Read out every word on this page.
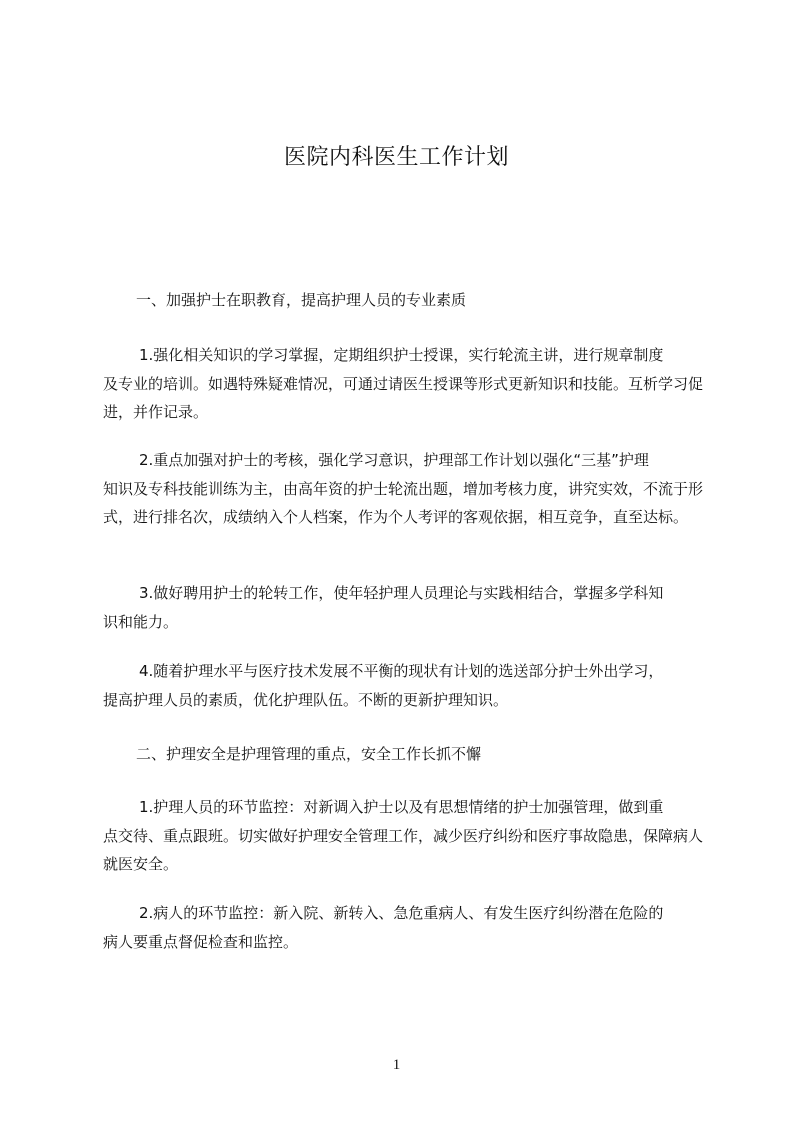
医院内科医生工作计划
一、加强护士在职教育，提高护理人员的专业素质
1.强化相关知识的学习掌握，定期组织护士授课，实行轮流主讲，进行规章制度
及专业的培训。如遇特殊疑难情况，可通过请医生授课等形式更新知识和技能。互析学习促进，并作记录。
2.重点加强对护士的考核，强化学习意识，护理部工作计划以强化“三基”护理
知识及专科技能训练为主，由高年资的护士轮流出题，增加考核力度，讲究实效，不流于形式，进行排名次，成绩纳入个人档案，作为个人考评的客观依据，相互竞争，直至达标。
3.做好聘用护士的轮转工作，使年轻护理人员理论与实践相结合，掌握多学科知
识和能力。
4.随着护理水平与医疗技术发展不平衡的现状有计划的选送部分护士外出学习，
提高护理人员的素质，优化护理队伍。不断的更新护理知识。
二、护理安全是护理管理的重点，安全工作长抓不懈
1.护理人员的环节监控：对新调入护士以及有思想情绪的护士加强管理，做到重
点交待、重点跟班。切实做好护理安全管理工作，减少医疗纠纷和医疗事故隐患，保障病人就医安全。
2.病人的环节监控：新入院、新转入、急危重病人、有发生医疗纠纷潜在危险的
病人要重点督促检查和监控。
1
